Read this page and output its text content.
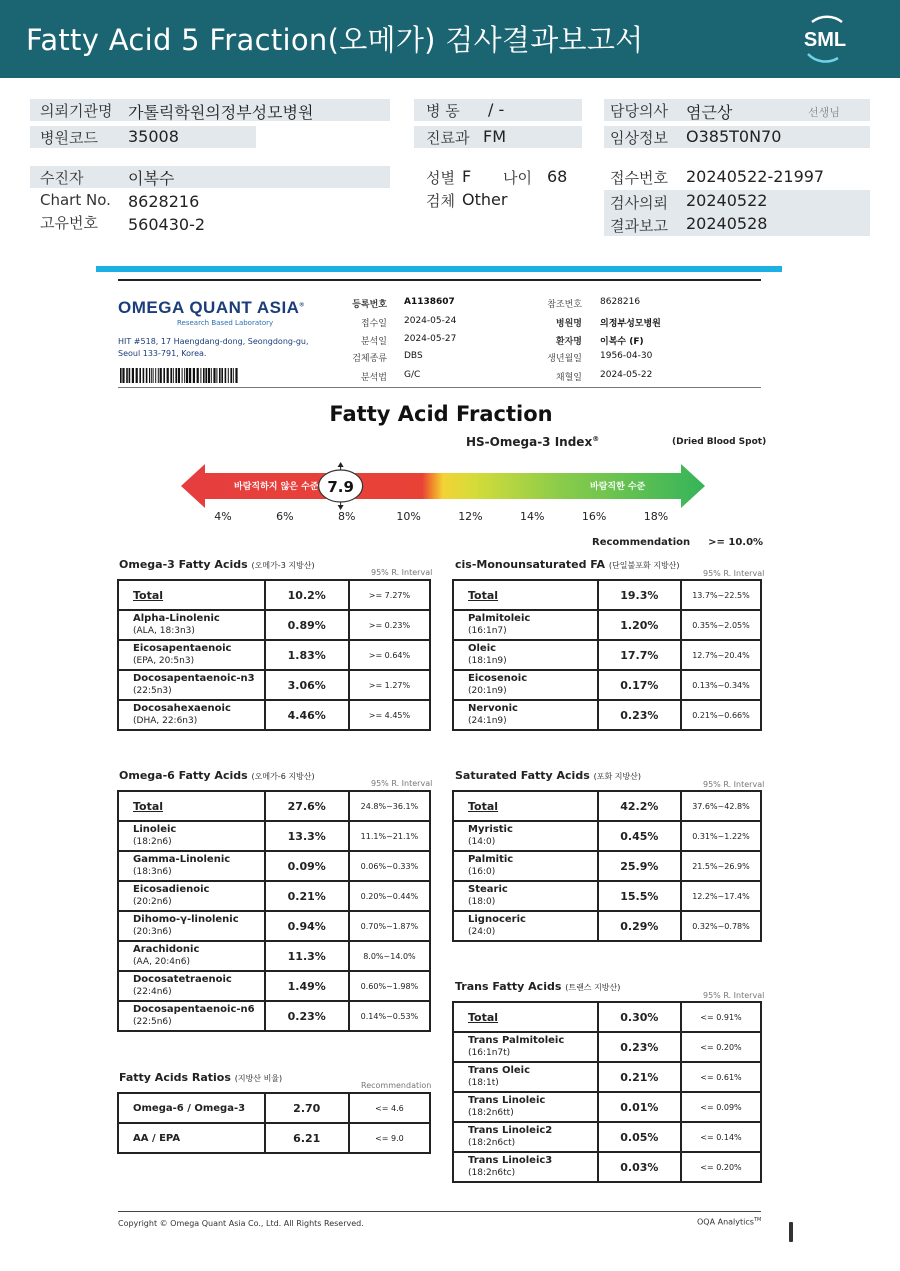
Fatty Acid 5 Fraction(오메가) 검사결과보고서	SML
의뢰기관명 가톨릭학원의정부성모병원	병 동 / -	담당의사 염근상	선생님
병원코드 35008	진료과 FM	임상정보 O385T0N70
수진자	이복수	성별 F 나이 68	접수번호 20240522-21997
Chart No. 8628216	검체 Other	검사의뢰 20240522
고유번호 560430-2	결과보고 20240528
OMEGA QUANT ASIA®
Research Based Laboratory
HIT #518, 17 Haengdang-dong, Seongdong-gu,
Seoul 133-791, Korea.
등록번호 A1138607
접수일 2024-05-24
분석일 2024-05-27
검체종류 DBS
분석법 G/C
참조번호 8628216
병원명 의정부성모병원
환자명 이복수 (F)
생년월일 1956-04-30
채혈일 2024-05-22
Fatty Acid Fraction
HS-Omega-3 Index®	(Dried Blood Spot)
바람직하지 않은 수준	바람직한 수준
7.9
4%	6%	8%	10%	12%	14%	16%	18%
Recommendation >= 10.0%
Omega-3 Fatty Acids (오메가-3 지방산)
95% R. Interval
Total	10.2%	>= 7.27%
Alpha-Linolenic
(ALA, 18:3n3)	0.89%	>= 0.23%
Eicosapentaenoic
(EPA, 20:5n3)	1.83%	>= 0.64%
Docosapentaenoic-n3
(22:5n3)	3.06%	>= 1.27%
Docosahexaenoic
(DHA, 22:6n3)	4.46%	>= 4.45%
cis-Monounsaturated FA (단일불포화 지방산)
95% R. Interval
Total	19.3%	13.7%~22.5%
Palmitoleic
(16:1n7)	1.20%	0.35%~2.05%
Oleic
(18:1n9)	17.7%	12.7%~20.4%
Eicosenoic
(20:1n9)	0.17%	0.13%~0.34%
Nervonic
(24:1n9)	0.23%	0.21%~0.66%
Omega-6 Fatty Acids (오메가-6 지방산)
95% R. Interval
Total	27.6%	24.8%~36.1%
Linoleic
(18:2n6)	13.3%	11.1%~21.1%
Gamma-Linolenic
(18:3n6)	0.09%	0.06%~0.33%
Eicosadienoic
(20:2n6)	0.21%	0.20%~0.44%
Dihomo-γ-linolenic
(20:3n6)	0.94%	0.70%~1.87%
Arachidonic
(AA, 20:4n6)	11.3%	8.0%~14.0%
Docosatetraenoic
(22:4n6)	1.49%	0.60%~1.98%
Docosapentaenoic-n6
(22:5n6)	0.23%	0.14%~0.53%
Saturated Fatty Acids (포화 지방산)
95% R. Interval
Total	42.2%	37.6%~42.8%
Myristic
(14:0)	0.45%	0.31%~1.22%
Palmitic
(16:0)	25.9%	21.5%~26.9%
Stearic
(18:0)	15.5%	12.2%~17.4%
Lignoceric
(24:0)	0.29%	0.32%~0.78%
Trans Fatty Acids (트랜스 지방산)
95% R. Interval
Total	0.30%	<= 0.91%
Trans Palmitoleic
(16:1n7t)	0.23%	<= 0.20%
Trans Oleic
(18:1t)	0.21%	<= 0.61%
Trans Linoleic
(18:2n6tt)	0.01%	<= 0.09%
Trans Linoleic2
(18:2n6ct)	0.05%	<= 0.14%
Trans Linoleic3
(18:2n6tc)	0.03%	<= 0.20%
Fatty Acids Ratios (지방산 비율)
Recommendation
Omega-6 / Omega-3	2.70	<= 4.6
AA / EPA	6.21	<= 9.0
Copyright © Omega Quant Asia Co., Ltd. All Rights Reserved.	OQA Analytics™
